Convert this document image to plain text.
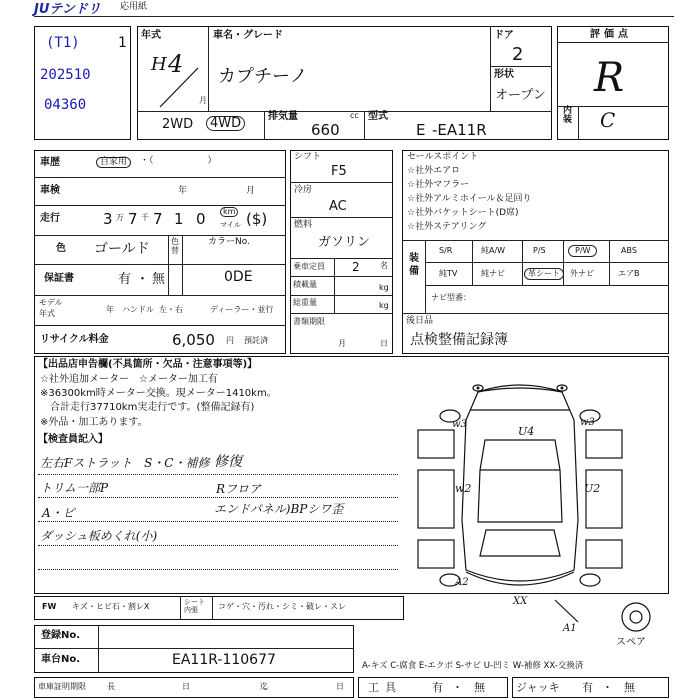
JUテンドリ 応用紙
(T1)	1
202510
04360
年式
H 4
月
車名・グレード
カプチーノ
ドア
2
形状
オープン
2WD	4WD	排気量
660
cc 型式
E -EA11R
評価点
R
内装 C
車歴	自家用	・（　　　　　　）
車検	年	月
走行	3 万 7 千 7 1 0	km
マイル ($)
色 ゴールド	色替
カラーNo.
0DE
保証書	有 ・ 無
モデル
年式	年 ハンドル 左・右	ディーラー・並行
リサイクル料金	6,050 円 預託済
シフト
F5
冷房
AC
燃料
ガソリン
乗車定員 2	名
積載量	kg
総重量	kg
書類期限
月	日
セールスポイント
☆社外エアロ
☆社外マフラー
☆社外アルミホイール＆足回り
☆社外バケットシート(D席)
☆社外ステアリング
装備
S/R	純A/W	P/S	P/W	ABS
純TV	純ナビ	革シート	外ナビ	エアB
ナビ型番：
後日品
点検整備記録簿
【出品店申告欄(不具箇所・欠品・注意事項等)】
☆社外追加メーター　☆メーター加工有
※36300km時メーター交換。現メーター1410km。
　合計走行37710km実走行です。(整備記録有)
※外品・加工あります。
【検査員記入】
左右Fストラット　S・C・補修
トリム一部P
A・ピ
ダッシュ板めくれ(小)
修復
Rフロア
エンドパネル)BPシワ歪
w3
U4
w3
w2	U2
A2
XX
A1
スペア
FW キズ・ヒビ石・割レX	シート 内張	コゲ・穴・汚れ・シミ・破レ・スレ
登録No.
車台No.	EA11R-110677	A-キズ C-腐食 E-エクボ S-サビ U-凹ミ W-補修 XX-交換済
車庫証明期限	長	日	迄	日 工具	有 ・ 無	ジャッキ 有 ・ 無
